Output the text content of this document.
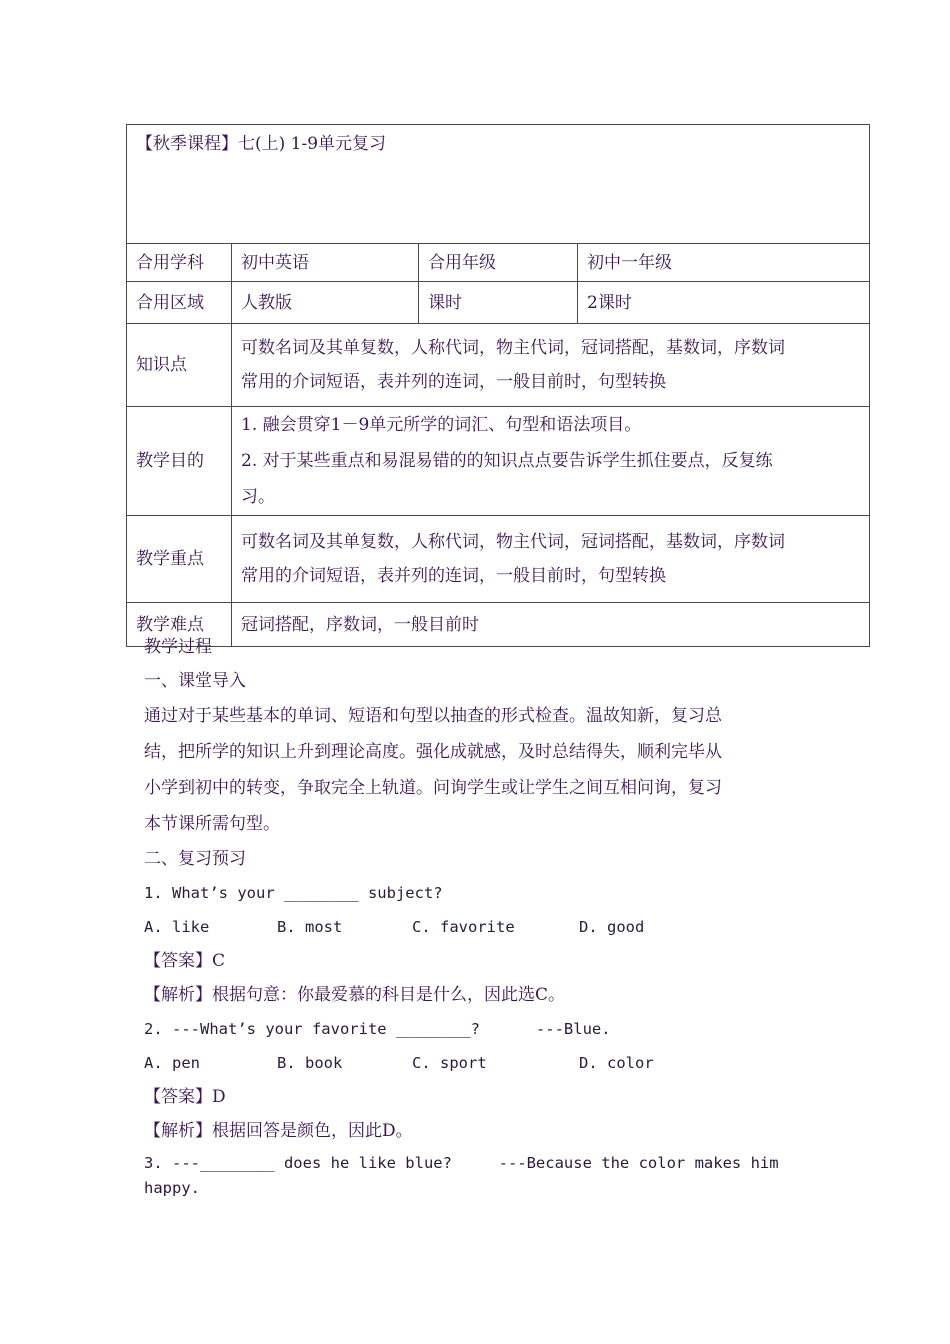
【秋季课程】七(上) 1-9单元复习			
合用学科	初中英语	合用年级	初中一年级
合用区域	人教版	课时	2课时
知识点	可数名词及其单复数，人称代词，物主代词，冠词搭配，基数词，序数词
常用的介词短语，表并列的连词，一般目前时，句型转换		

教学目的	1. 融会贯穿1－9单元所学的词汇、句型和语法项目。
2. 对于某些重点和易混易错的的知识点点要告诉学生抓住要点，反复练
习。		

教学重点	可数名词及其单复数，人称代词，物主代词，冠词搭配，基数词，序数词
常用的介词短语，表并列的连词，一般目前时，句型转换		

教学难点	冠词搭配，序数词，一般目前时		

教学过程

一、课堂导入

通过对于某些基本的单词、短语和句型以抽查的形式检查。温故知新，复习总

结，把所学的知识上升到理论高度。强化成就感，及时总结得失，顺利完毕从

小学到初中的转变，争取完全上轨道。问询学生或让学生之间互相问询，复习

本节课所需句型。

二、复习预习

1. What’s your ________ subject?

A. like	B. most	C. favorite	D. good

【答案】C

【解析】根据句意：你最爱慕的科目是什么，因此选C。

2. ---What’s your favorite ________?      ---Blue.

A. pen	B. book	C. sport	D. color

【答案】D

【解析】根据回答是颜色，因此D。

3. ---________ does he like blue?     ---Because the color makes him

happy.
